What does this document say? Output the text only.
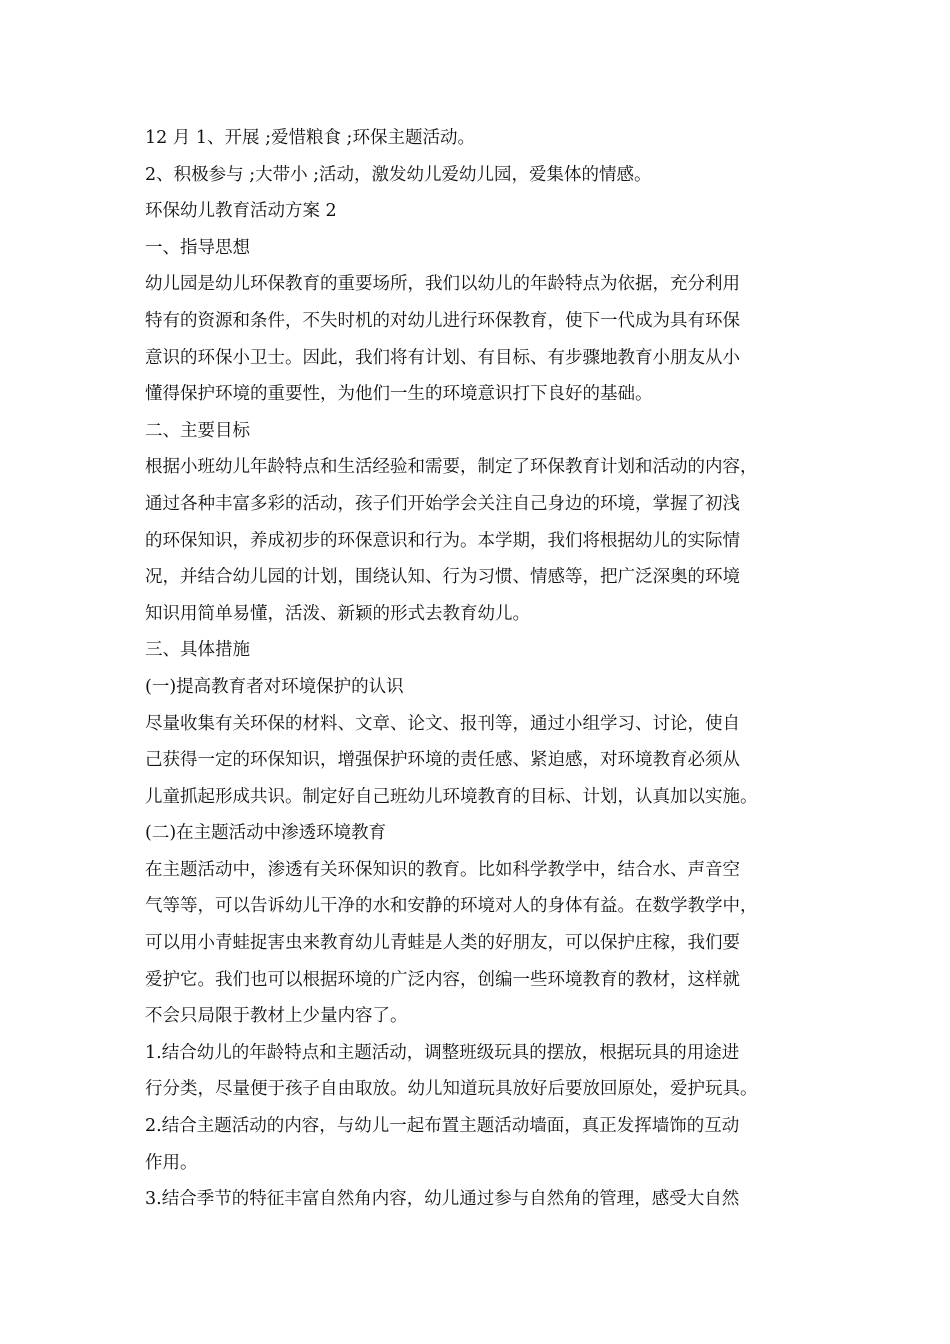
12 月 1、开展 ;爱惜粮食 ;环保主题活动。
2、积极参与 ;大带小 ;活动，激发幼儿爱幼儿园，爱集体的情感。
环保幼儿教育活动方案 2
一、指导思想
幼儿园是幼儿环保教育的重要场所，我们以幼儿的年龄特点为依据，充分利用
特有的资源和条件，不失时机的对幼儿进行环保教育，使下一代成为具有环保
意识的环保小卫士。因此，我们将有计划、有目标、有步骤地教育小朋友从小
懂得保护环境的重要性，为他们一生的环境意识打下良好的基础。
二、主要目标
根据小班幼儿年龄特点和生活经验和需要，制定了环保教育计划和活动的内容，
通过各种丰富多彩的活动，孩子们开始学会关注自己身边的环境，掌握了初浅
的环保知识，养成初步的环保意识和行为。本学期，我们将根据幼儿的实际情
况，并结合幼儿园的计划，围绕认知、行为习惯、情感等，把广泛深奥的环境
知识用简单易懂，活泼、新颖的形式去教育幼儿。
三、具体措施
(一)提高教育者对环境保护的认识
尽量收集有关环保的材料、文章、论文、报刊等，通过小组学习、讨论，使自
己获得一定的环保知识，增强保护环境的责任感、紧迫感，对环境教育必须从
儿童抓起形成共识。制定好自己班幼儿环境教育的目标、计划，认真加以实施。
(二)在主题活动中渗透环境教育
在主题活动中，渗透有关环保知识的教育。比如科学教学中，结合水、声音空
气等等，可以告诉幼儿干净的水和安静的环境对人的身体有益。在数学教学中，
可以用小青蛙捉害虫来教育幼儿青蛙是人类的好朋友，可以保护庄稼，我们要
爱护它。我们也可以根据环境的广泛内容，创编一些环境教育的教材，这样就
不会只局限于教材上少量内容了。
1.结合幼儿的年龄特点和主题活动，调整班级玩具的摆放，根据玩具的用途进
行分类，尽量便于孩子自由取放。幼儿知道玩具放好后要放回原处，爱护玩具。
2.结合主题活动的内容，与幼儿一起布置主题活动墙面，真正发挥墙饰的互动
作用。
3.结合季节的特征丰富自然角内容，幼儿通过参与自然角的管理，感受大自然
